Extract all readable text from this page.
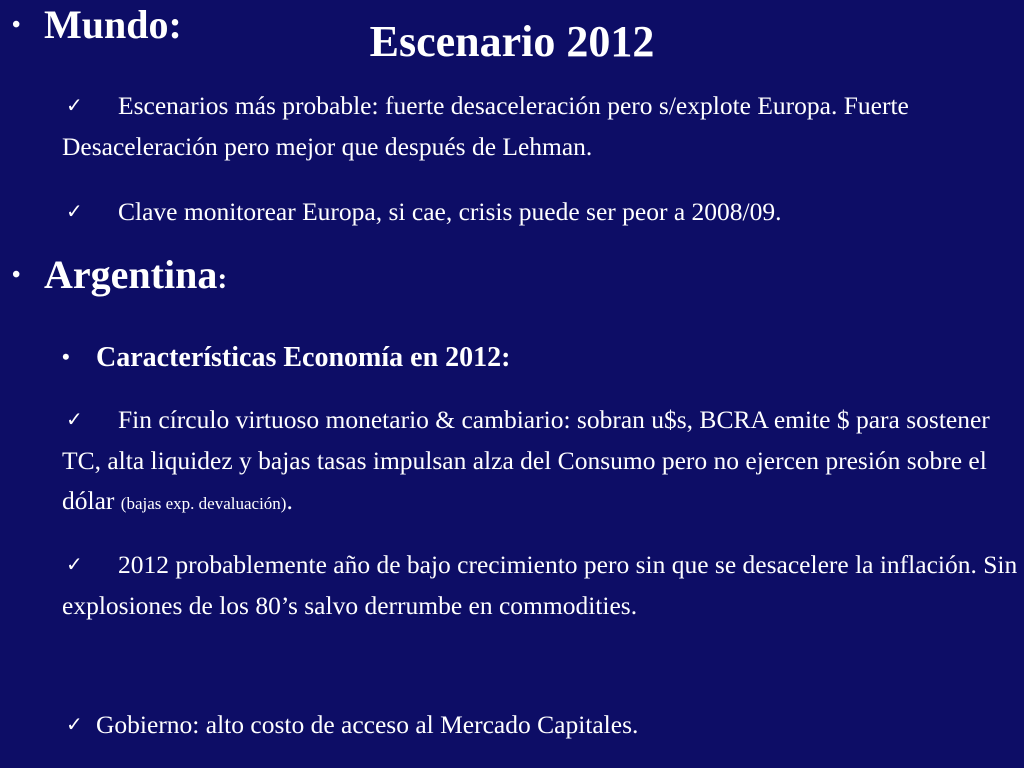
Escenario 2012
• Mundo:

✓ Escenarios más probable: fuerte desaceleración pero s/explote Europa. Fuerte Desaceleración pero mejor que después de Lehman.

✓ Clave monitorear Europa, si cae, crisis puede ser peor a 2008/09.

• Argentina:
• Características Economía en 2012:

✓ Fin círculo virtuoso monetario & cambiario: sobran u$s, BCRA emite $ para sostener TC, alta liquidez y bajas tasas impulsan alza del Consumo pero no ejercen presión sobre el dólar (bajas exp. devaluación).

✓ 2012 probablemente año de bajo crecimiento pero sin que se desacelere la inflación. Sin explosiones de los 80’s salvo derrumbe en commodities.

✓ Gobierno: alto costo de acceso al Mercado Capitales.
